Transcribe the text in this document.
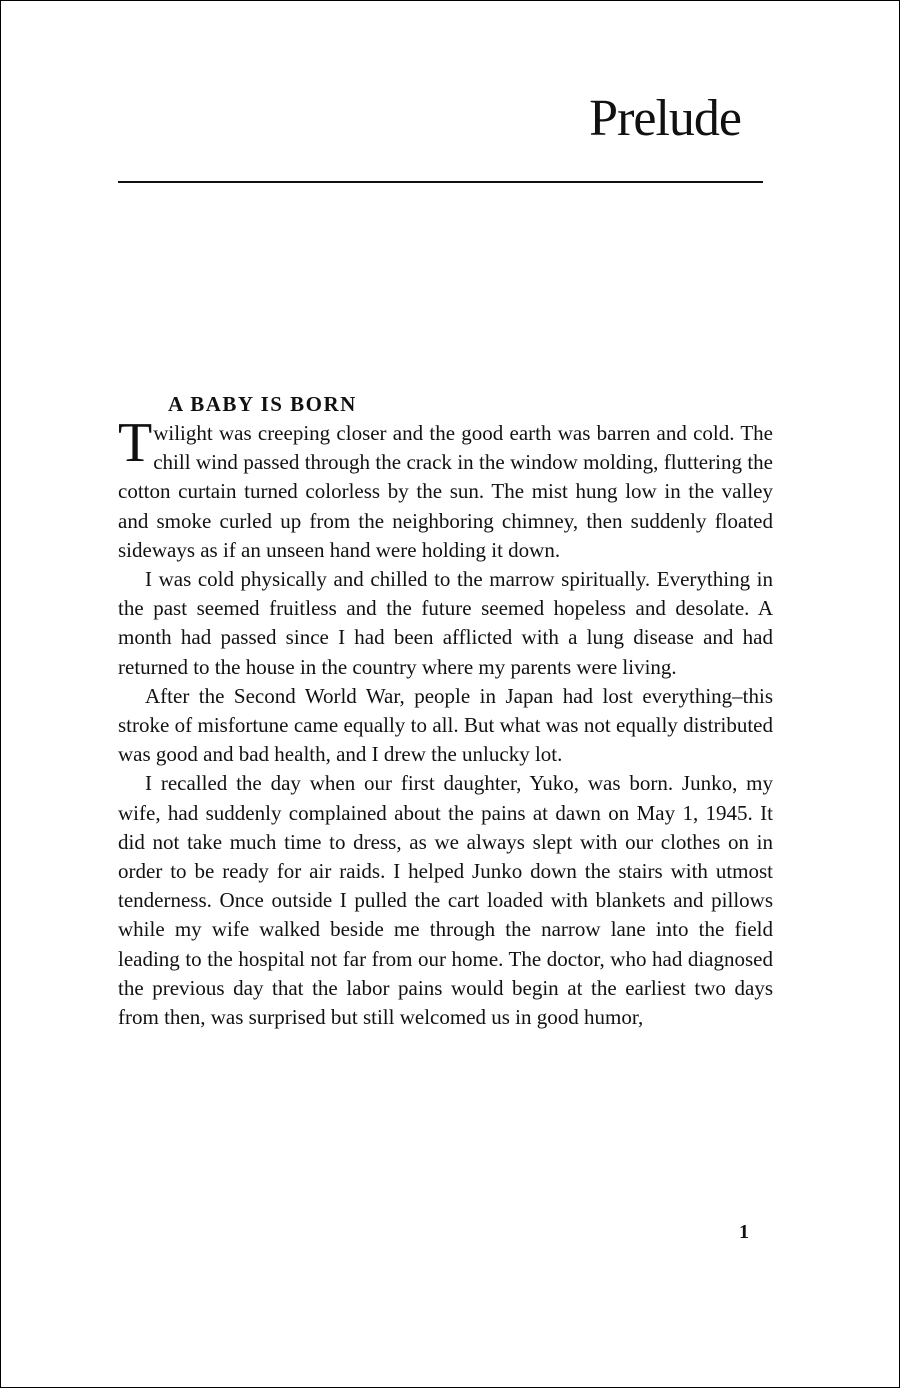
Prelude
A BABY IS BORN

Twilight was creeping closer and the good earth was barren and cold. The chill wind passed through the crack in the window molding, fluttering the cotton curtain turned colorless by the sun. The mist hung low in the valley and smoke curled up from the neighboring chimney, then suddenly floated sideways as if an unseen hand were holding it down.

I was cold physically and chilled to the marrow spiritually. Everything in the past seemed fruitless and the future seemed hopeless and desolate. A month had passed since I had been afflicted with a lung disease and had returned to the house in the country where my parents were living.

After the Second World War, people in Japan had lost everything–this stroke of misfortune came equally to all. But what was not equally distributed was good and bad health, and I drew the unlucky lot.

I recalled the day when our first daughter, Yuko, was born. Junko, my wife, had suddenly complained about the pains at dawn on May 1, 1945. It did not take much time to dress, as we always slept with our clothes on in order to be ready for air raids. I helped Junko down the stairs with utmost tenderness. Once outside I pulled the cart loaded with blankets and pillows while my wife walked beside me through the narrow lane into the field leading to the hospital not far from our home. The doctor, who had diagnosed the previous day that the labor pains would begin at the earliest two days from then, was surprised but still welcomed us in good humor,

1
